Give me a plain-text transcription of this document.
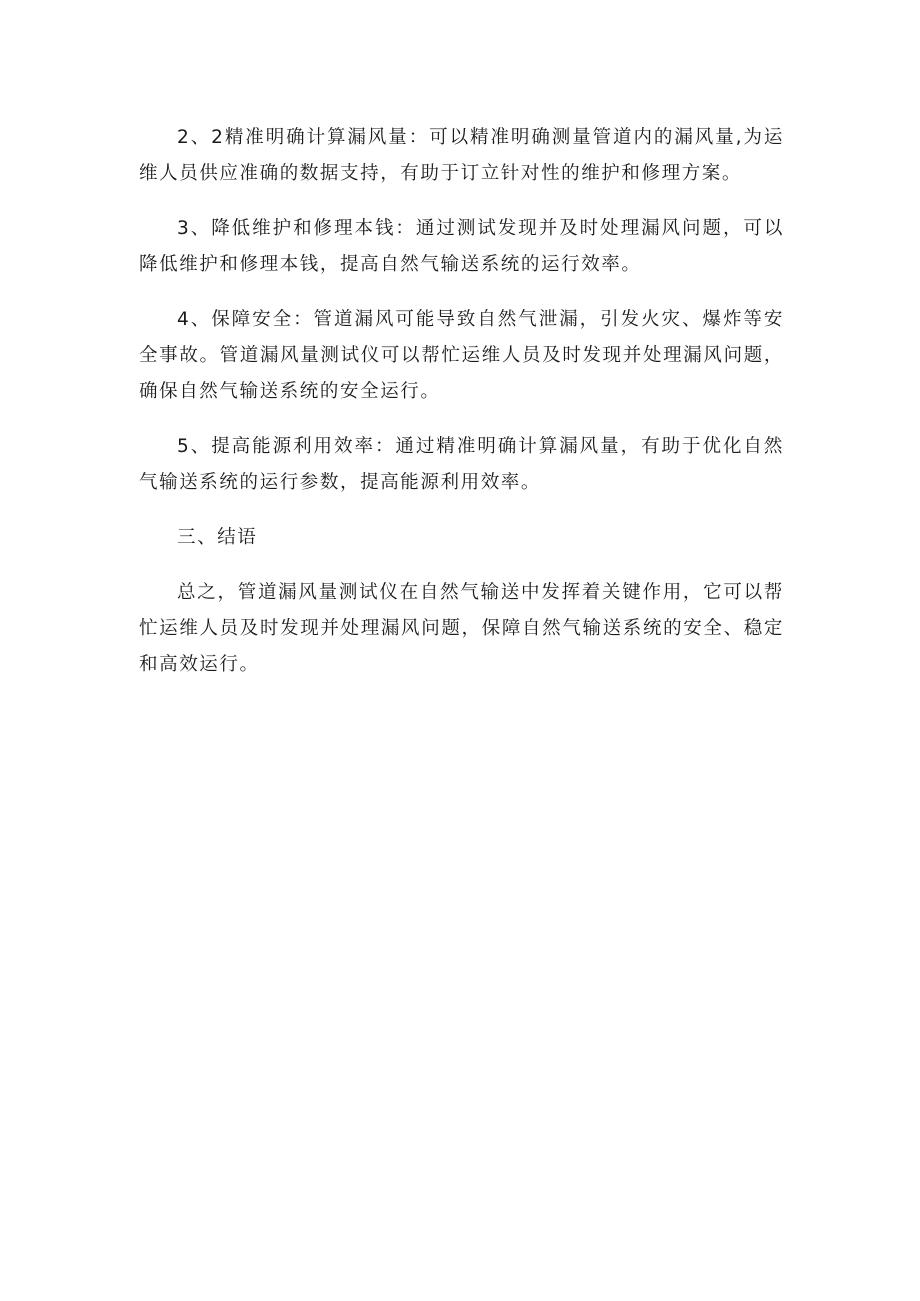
2、2精准明确计算漏风量：可以精准明确测量管道内的漏风量,为运维人员供应准确的数据支持，有助于订立针对性的维护和修理方案。

3、降低维护和修理本钱：通过测试发现并及时处理漏风问题，可以降低维护和修理本钱，提高自然气输送系统的运行效率。

4、保障安全：管道漏风可能导致自然气泄漏，引发火灾、爆炸等安全事故。管道漏风量测试仪可以帮忙运维人员及时发现并处理漏风问题，确保自然气输送系统的安全运行。

5、提高能源利用效率：通过精准明确计算漏风量，有助于优化自然气输送系统的运行参数，提高能源利用效率。

三、结语

总之，管道漏风量测试仪在自然气输送中发挥着关键作用，它可以帮忙运维人员及时发现并处理漏风问题，保障自然气输送系统的安全、稳定和高效运行。
